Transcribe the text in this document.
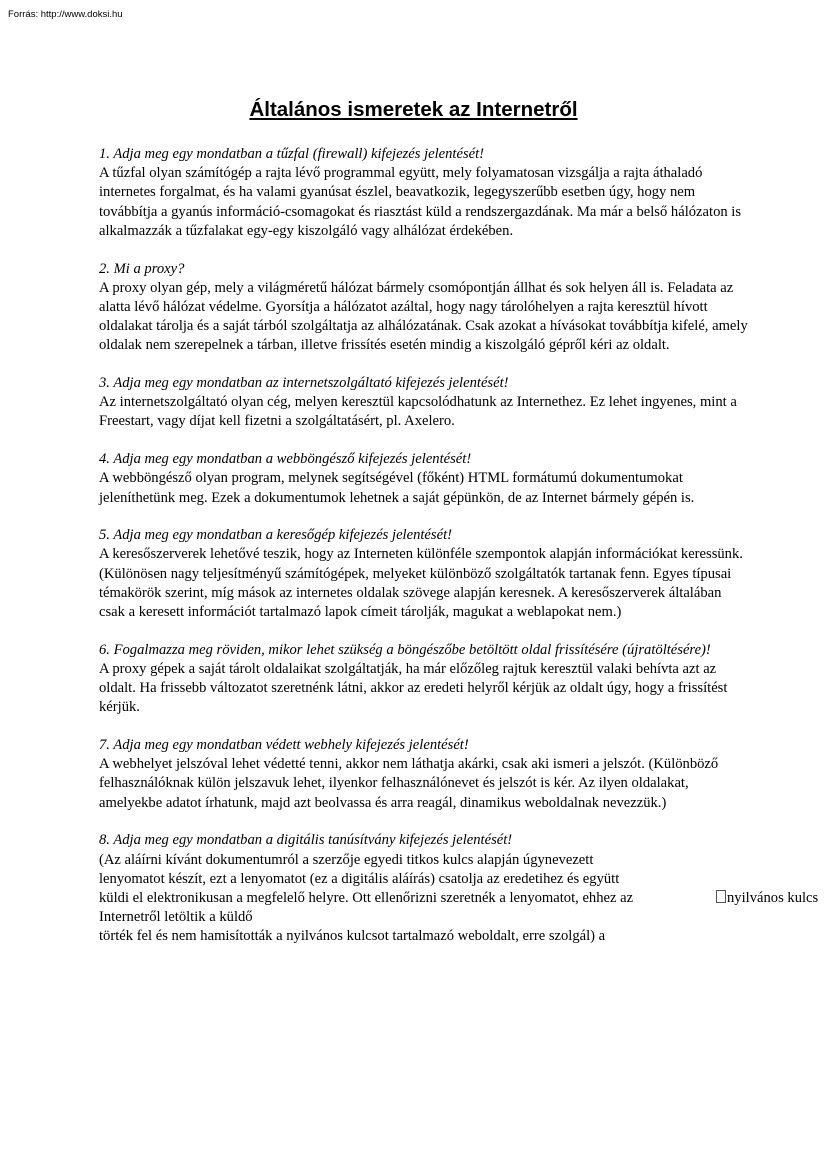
Forrás: http://www.doksi.hu
Általános ismeretek az Internetről

1. Adja meg egy mondatban a tűzfal (firewall) kifejezés jelentését!

A tűzfal olyan számítógép a rajta lévő programmal együtt, mely folyamatosan vizsgálja a rajta áthaladó internetes forgalmat, és ha valami gyanúsat észlel, beavatkozik, legegyszerűbb esetben úgy, hogy nem továbbítja a gyanús információ-csomagokat és riasztást küld a rendszergazdának. Ma már a belső hálózaton is alkalmazzák a tűzfalakat egy-egy kiszolgáló vagy alhálózat érdekében.

2. Mi a proxy?

A proxy olyan gép, mely a világméretű hálózat bármely csomópontján állhat és sok helyen áll is. Feladata az alatta lévő hálózat védelme. Gyorsítja a hálózatot azáltal, hogy nagy tárolóhelyen a rajta keresztül hívott oldalakat tárolja és a saját tárból szolgáltatja az alhálózatának. Csak azokat a hívásokat továbbítja kifelé, amely oldalak nem szerepelnek a tárban, illetve frissítés esetén mindig a kiszolgáló gépről kéri az oldalt.

3. Adja meg egy mondatban az internetszolgáltató kifejezés jelentését!

Az internetszolgáltató olyan cég, melyen keresztül kapcsolódhatunk az Internethez. Ez lehet ingyenes, mint a Freestart, vagy díjat kell fizetni a szolgáltatásért, pl. Axelero.

4. Adja meg egy mondatban a webböngésző kifejezés jelentését!

A webböngésző olyan program, melynek segítségével (főként) HTML formátumú dokumentumokat jeleníthetünk meg. Ezek a dokumentumok lehetnek a saját gépünkön, de az Internet bármely gépén is.

5. Adja meg egy mondatban a keresőgép kifejezés jelentését!

A keresőszerverek lehetővé teszik, hogy az Interneten különféle szempontok alapján információkat keressünk. (Különösen nagy teljesítményű számítógépek, melyeket különböző szolgáltatók tartanak fenn. Egyes típusai témakörök szerint, míg mások az internetes oldalak szövege alapján keresnek. A keresőszerverek általában csak a keresett információt tartalmazó lapok címeit tárolják, magukat a weblapokat nem.)

6. Fogalmazza meg röviden, mikor lehet szükség a böngészőbe betöltött oldal frissítésére (újratöltésére)!

A proxy gépek a saját tárolt oldalaikat szolgáltatják, ha már előzőleg rajtuk keresztül valaki behívta azt az oldalt. Ha frissebb változatot szeretnénk látni, akkor az eredeti helyről kérjük az oldalt úgy, hogy a frissítést kérjük.

7. Adja meg egy mondatban védett webhely kifejezés jelentését!

A webhelyet jelszóval lehet védetté tenni, akkor nem láthatja akárki, csak aki ismeri a jelszót. (Különböző felhasználóknak külön jelszavuk lehet, ilyenkor felhasználónevet és jelszót is kér. Az ilyen oldalakat, amelyekbe adatot írhatunk, majd azt beolvassa és arra reagál, dinamikus weboldalnak nevezzük.)

8. Adja meg egy mondatban a digitális tanúsítvány kifejezés jelentését!

(Az aláírni kívánt dokumentumról a szerzője egyedi titkos kulcs alapján úgynevezett
lenyomatot készít, ezt a lenyomatot (ez a digitális aláírás) csatolja az eredetihez és együtt
küldi el elektronikusan a megfelelő helyre. Ott ellenőrizni szeretnék a lenyomatot, ehhez az
Internetről letöltik a küldő
törték fel és nem hamisították a nyilvános kulcsot tartalmazó weboldalt, erre szolgál) a
nyilvános kulcs
